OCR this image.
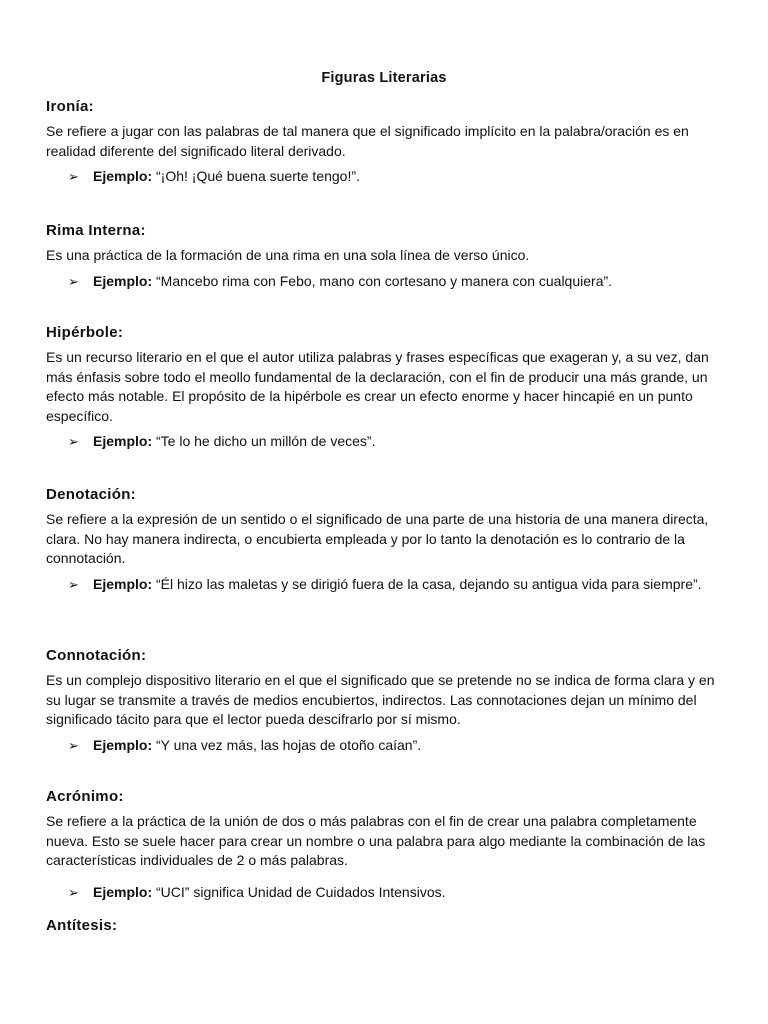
Figuras Literarias
Ironía:

Se refiere a jugar con las palabras de tal manera que el significado implícito en la palabra/oración es en realidad diferente del significado literal derivado.

➢	Ejemplo: “¡Oh! ¡Qué buena suerte tengo!”.
Rima Interna:

Es una práctica de la formación de una rima en una sola línea de verso único.

➢	Ejemplo: “Mancebo rima con Febo, mano con cortesano y manera con cualquiera”.
Hipérbole:

Es un recurso literario en el que el autor utiliza palabras y frases específicas que exageran y, a su vez, dan más énfasis sobre todo el meollo fundamental de la declaración, con el fin de producir una más grande, un efecto más notable. El propósito de la hipérbole es crear un efecto enorme y hacer hincapié en un punto específico.

➢	Ejemplo: “Te lo he dicho un millón de veces”.
Denotación:

Se refiere a la expresión de un sentido o el significado de una parte de una historia de una manera directa, clara. No hay manera indirecta, o encubierta empleada y por lo tanto la denotación es lo contrario de la connotación.

➢	Ejemplo: “Él hizo las maletas y se dirigió fuera de la casa, dejando su antigua vida para siempre”.
Connotación:

Es un complejo dispositivo literario en el que el significado que se pretende no se indica de forma clara y en su lugar se transmite a través de medios encubiertos, indirectos. Las connotaciones dejan un mínimo del significado tácito para que el lector pueda descifrarlo por sí mismo.

➢	Ejemplo: “Y una vez más, las hojas de otoño caían”.
Acrónimo:

Se refiere a la práctica de la unión de dos o más palabras con el fin de crear una palabra completamente nueva. Esto se suele hacer para crear un nombre o una palabra para algo mediante la combinación de las características individuales de 2 o más palabras.

➢	Ejemplo: “UCI” significa Unidad de Cuidados Intensivos.
Antítesis:
